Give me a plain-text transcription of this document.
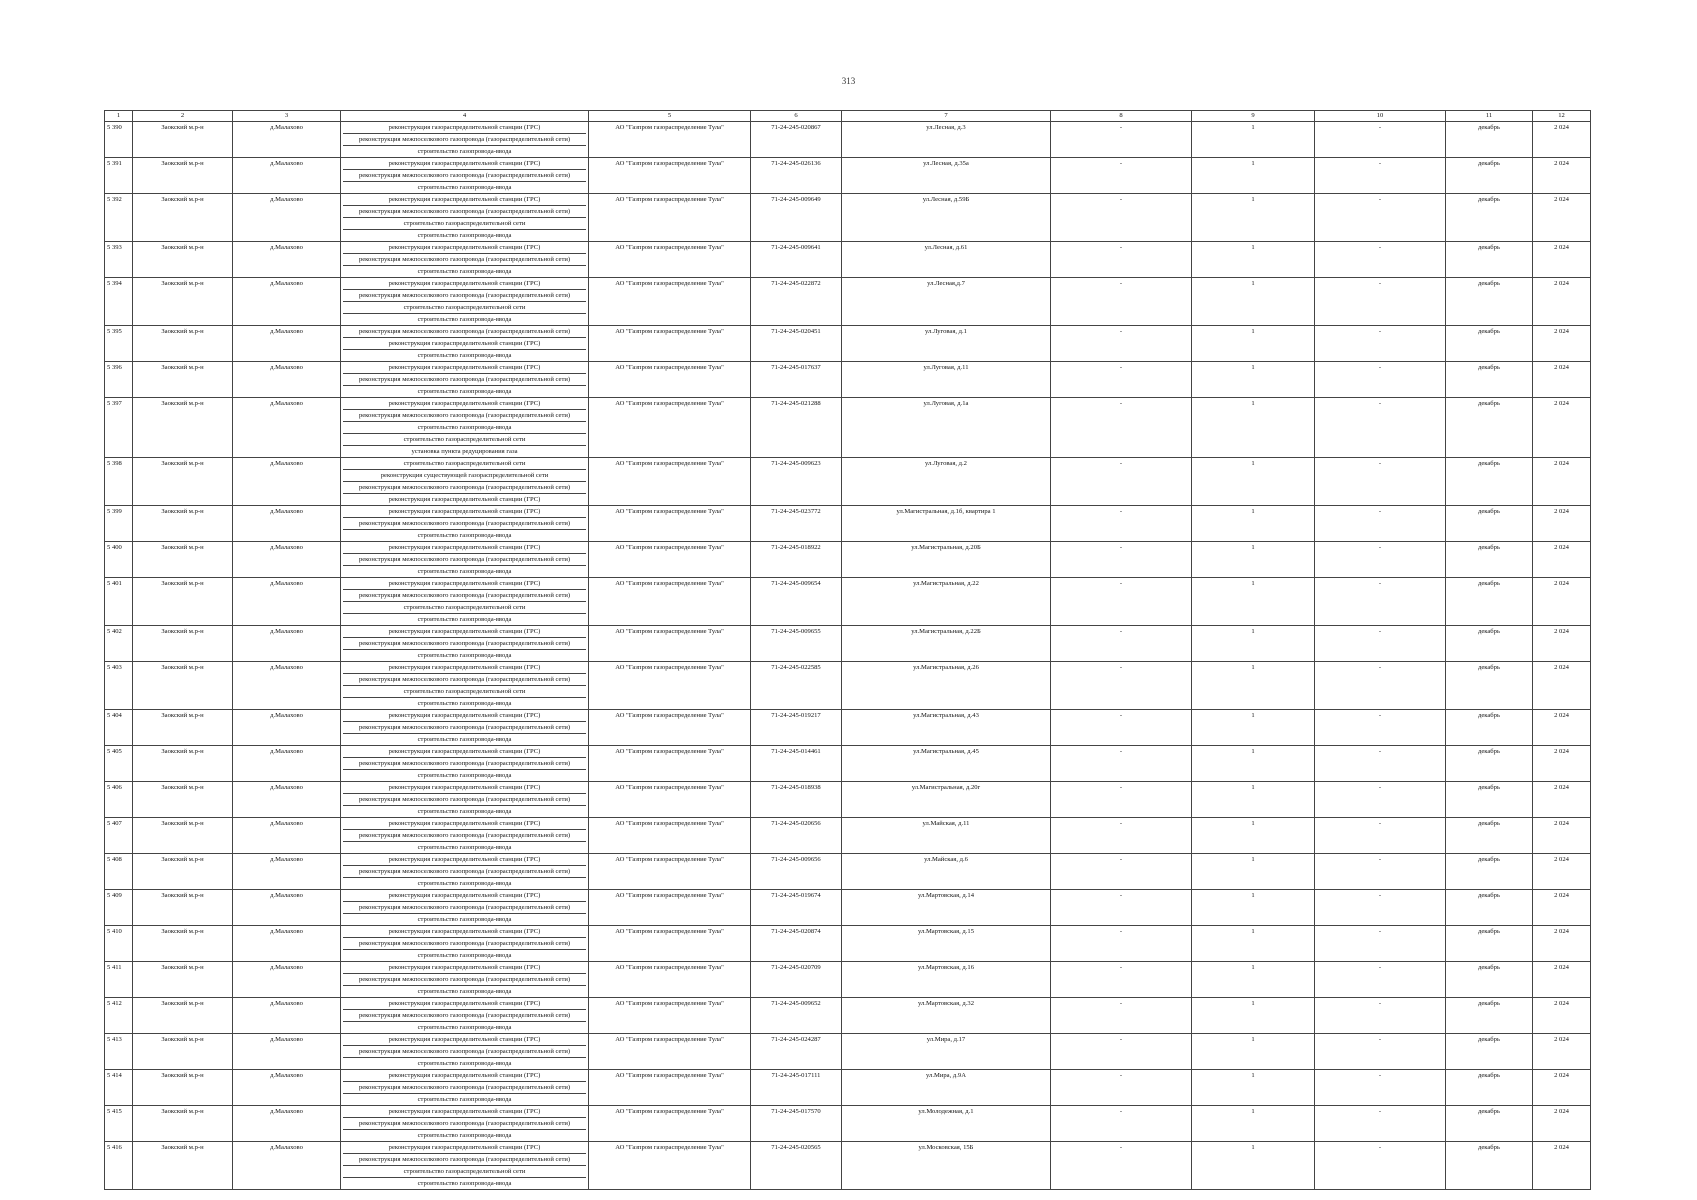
313
1	2	3	4	5	6	7	8	9	10	11	12
5 390	Заокский м.р-н	д.Малахово	реконструкция газораспределительной станции (ГРС)
реконструкция межпоселкового газопровода (газораспределительной сети)
строительство газопровода-ввода	АО "Газпром газораспределение Тула"	71-24-245-020867	ул.Лесная, д.3	-	1	-	декабрь	2 024
5 391	Заокский м.р-н	д.Малахово	реконструкция газораспределительной станции (ГРС)
реконструкция межпоселкового газопровода (газораспределительной сети)
строительство газопровода-ввода	АО "Газпром газораспределение Тула"	71-24-245-026136	ул.Лесная, д.35а	-	1	-	декабрь	2 024
5 392	Заокский м.р-н	д.Малахово	реконструкция газораспределительной станции (ГРС)
реконструкция межпоселкового газопровода (газораспределительной сети)
строительство газораспределительной сети
строительство газопровода-ввода	АО "Газпром газораспределение Тула"	71-24-245-009649	ул.Лесная, д.59Б	-	1	-	декабрь	2 024
5 393	Заокский м.р-н	д.Малахово	реконструкция газораспределительной станции (ГРС)
реконструкция межпоселкового газопровода (газораспределительной сети)
строительство газопровода-ввода	АО "Газпром газораспределение Тула"	71-24-245-009641	ул.Лесная, д.61	-	1	-	декабрь	2 024
5 394	Заокский м.р-н	д.Малахово	реконструкция газораспределительной станции (ГРС)
реконструкция межпоселкового газопровода (газораспределительной сети)
строительство газораспределительной сети
строительство газопровода-ввода	АО "Газпром газораспределение Тула"	71-24-245-022872	ул.Лесная,д.7	-	1	-	декабрь	2 024
5 395	Заокский м.р-н	д.Малахово	реконструкция межпоселкового газопровода (газораспределительной сети)
реконструкция газораспределительной станции (ГРС)
строительство газопровода-ввода	АО "Газпром газораспределение Тула"	71-24-245-020451	ул.Луговая, д.1	-	1	-	декабрь	2 024
5 396	Заокский м.р-н	д.Малахово	реконструкция газораспределительной станции (ГРС)
реконструкция межпоселкового газопровода (газораспределительной сети)
строительство газопровода-ввода	АО "Газпром газораспределение Тула"	71-24-245-017637	ул.Луговая, д.11	-	1	-	декабрь	2 024
5 397	Заокский м.р-н	д.Малахово	реконструкция газораспределительной станции (ГРС)
реконструкция межпоселкового газопровода (газораспределительной сети)
строительство газопровода-ввода
строительство газораспределительной сети
установка пункта редуцирования газа	АО "Газпром газораспределение Тула"	71-24-245-021288	ул.Луговая, д.1а	-	1	-	декабрь	2 024
5 398	Заокский м.р-н	д.Малахово	строительство газораспределительной сети
реконструкция существующей газораспределительной сети
реконструкция межпоселкового газопровода (газораспределительной сети)
реконструкция газораспределительной станции (ГРС)	АО "Газпром газораспределение Тула"	71-24-245-009623	ул.Луговая, д.2	-	1	-	декабрь	2 024
5 399	Заокский м.р-н	д.Малахово	реконструкция газораспределительной станции (ГРС)
реконструкция межпоселкового газопровода (газораспределительной сети)
строительство газопровода-ввода	АО "Газпром газораспределение Тула"	71-24-245-023772	ул.Магистральная, д.1б, квартира 1	-	1	-	декабрь	2 024
5 400	Заокский м.р-н	д.Малахово	реконструкция газораспределительной станции (ГРС)
реконструкция межпоселкового газопровода (газораспределительной сети)
строительство газопровода-ввода	АО "Газпром газораспределение Тула"	71-24-245-018922	ул.Магистральная, д.20Б	-	1	-	декабрь	2 024
5 401	Заокский м.р-н	д.Малахово	реконструкция газораспределительной станции (ГРС)
реконструкция межпоселкового газопровода (газораспределительной сети)
строительство газораспределительной сети
строительство газопровода-ввода	АО "Газпром газораспределение Тула"	71-24-245-009654	ул.Магистральная, д.22	-	1	-	декабрь	2 024
5 402	Заокский м.р-н	д.Малахово	реконструкция газораспределительной станции (ГРС)
реконструкция межпоселкового газопровода (газораспределительной сети)
строительство газопровода-ввода	АО "Газпром газораспределение Тула"	71-24-245-009655	ул.Магистральная, д.22Б	-	1	-	декабрь	2 024
5 403	Заокский м.р-н	д.Малахово	реконструкция газораспределительной станции (ГРС)
реконструкция межпоселкового газопровода (газораспределительной сети)
строительство газораспределительной сети
строительство газопровода-ввода	АО "Газпром газораспределение Тула"	71-24-245-022585	ул.Магистральная, д.26	-	1	-	декабрь	2 024
5 404	Заокский м.р-н	д.Малахово	реконструкция газораспределительной станции (ГРС)
реконструкция межпоселкового газопровода (газораспределительной сети)
строительство газопровода-ввода	АО "Газпром газораспределение Тула"	71-24-245-019217	ул.Магистральная, д.43	-	1	-	декабрь	2 024
5 405	Заокский м.р-н	д.Малахово	реконструкция газораспределительной станции (ГРС)
реконструкция межпоселкового газопровода (газораспределительной сети)
строительство газопровода-ввода	АО "Газпром газораспределение Тула"	71-24-245-014461	ул.Магистральная, д.45	-	1	-	декабрь	2 024
5 406	Заокский м.р-н	д.Малахово	реконструкция газораспределительной станции (ГРС)
реконструкция межпоселкового газопровода (газораспределительной сети)
строительство газопровода-ввода	АО "Газпром газораспределение Тула"	71-24-245-018938	ул.Магистральная, д.20г	-	1	-	декабрь	2 024
5 407	Заокский м.р-н	д.Малахово	реконструкция газораспределительной станции (ГРС)
реконструкция межпоселкового газопровода (газораспределительной сети)
строительство газопровода-ввода	АО "Газпром газораспределение Тула"	71-24-245-020656	ул.Майская, д.11	-	1	-	декабрь	2 024
5 408	Заокский м.р-н	д.Малахово	реконструкция газораспределительной станции (ГРС)
реконструкция межпоселкового газопровода (газораспределительной сети)
строительство газопровода-ввода	АО "Газпром газораспределение Тула"	71-24-245-009656	ул.Майская, д.6	-	1	-	декабрь	2 024
5 409	Заокский м.р-н	д.Малахово	реконструкция газораспределительной станции (ГРС)
реконструкция межпоселкового газопровода (газораспределительной сети)
строительство газопровода-ввода	АО "Газпром газораспределение Тула"	71-24-245-019674	ул.Мартовская, д.14	-	1	-	декабрь	2 024
5 410	Заокский м.р-н	д.Малахово	реконструкция газораспределительной станции (ГРС)
реконструкция межпоселкового газопровода (газораспределительной сети)
строительство газопровода-ввода	АО "Газпром газораспределение Тула"	71-24-245-020874	ул.Мартовская, д.15	-	1	-	декабрь	2 024
5 411	Заокский м.р-н	д.Малахово	реконструкция газораспределительной станции (ГРС)
реконструкция межпоселкового газопровода (газораспределительной сети)
строительство газопровода-ввода	АО "Газпром газораспределение Тула"	71-24-245-020709	ул.Мартовская, д.16	-	1	-	декабрь	2 024
5 412	Заокский м.р-н	д.Малахово	реконструкция газораспределительной станции (ГРС)
реконструкция межпоселкового газопровода (газораспределительной сети)
строительство газопровода-ввода	АО "Газпром газораспределение Тула"	71-24-245-009652	ул.Мартовская, д.32	-	1	-	декабрь	2 024
5 413	Заокский м.р-н	д.Малахово	реконструкция газораспределительной станции (ГРС)
реконструкция межпоселкового газопровода (газораспределительной сети)
строительство газопровода-ввода	АО "Газпром газораспределение Тула"	71-24-245-024287	ул.Мира, д.17	-	1	-	декабрь	2 024
5 414	Заокский м.р-н	д.Малахово	реконструкция газораспределительной станции (ГРС)
реконструкция межпоселкового газопровода (газораспределительной сети)
строительство газопровода-ввода	АО "Газпром газораспределение Тула"	71-24-245-017111	ул.Мира, д.9А	-	1	-	декабрь	2 024
5 415	Заокский м.р-н	д.Малахово	реконструкция газораспределительной станции (ГРС)
реконструкция межпоселкового газопровода (газораспределительной сети)
строительство газопровода-ввода	АО "Газпром газораспределение Тула"	71-24-245-017570	ул.Молодежная, д.1	-	1	-	декабрь	2 024
5 416	Заокский м.р-н	д.Малахово	реконструкция газораспределительной станции (ГРС)
реконструкция межпоселкового газопровода (газораспределительной сети)
строительство газораспределительной сети
строительство газопровода-ввода	АО "Газпром газораспределение Тула"	71-24-245-020565	ул.Московская, 15Б	-	1	-	декабрь	2 024
